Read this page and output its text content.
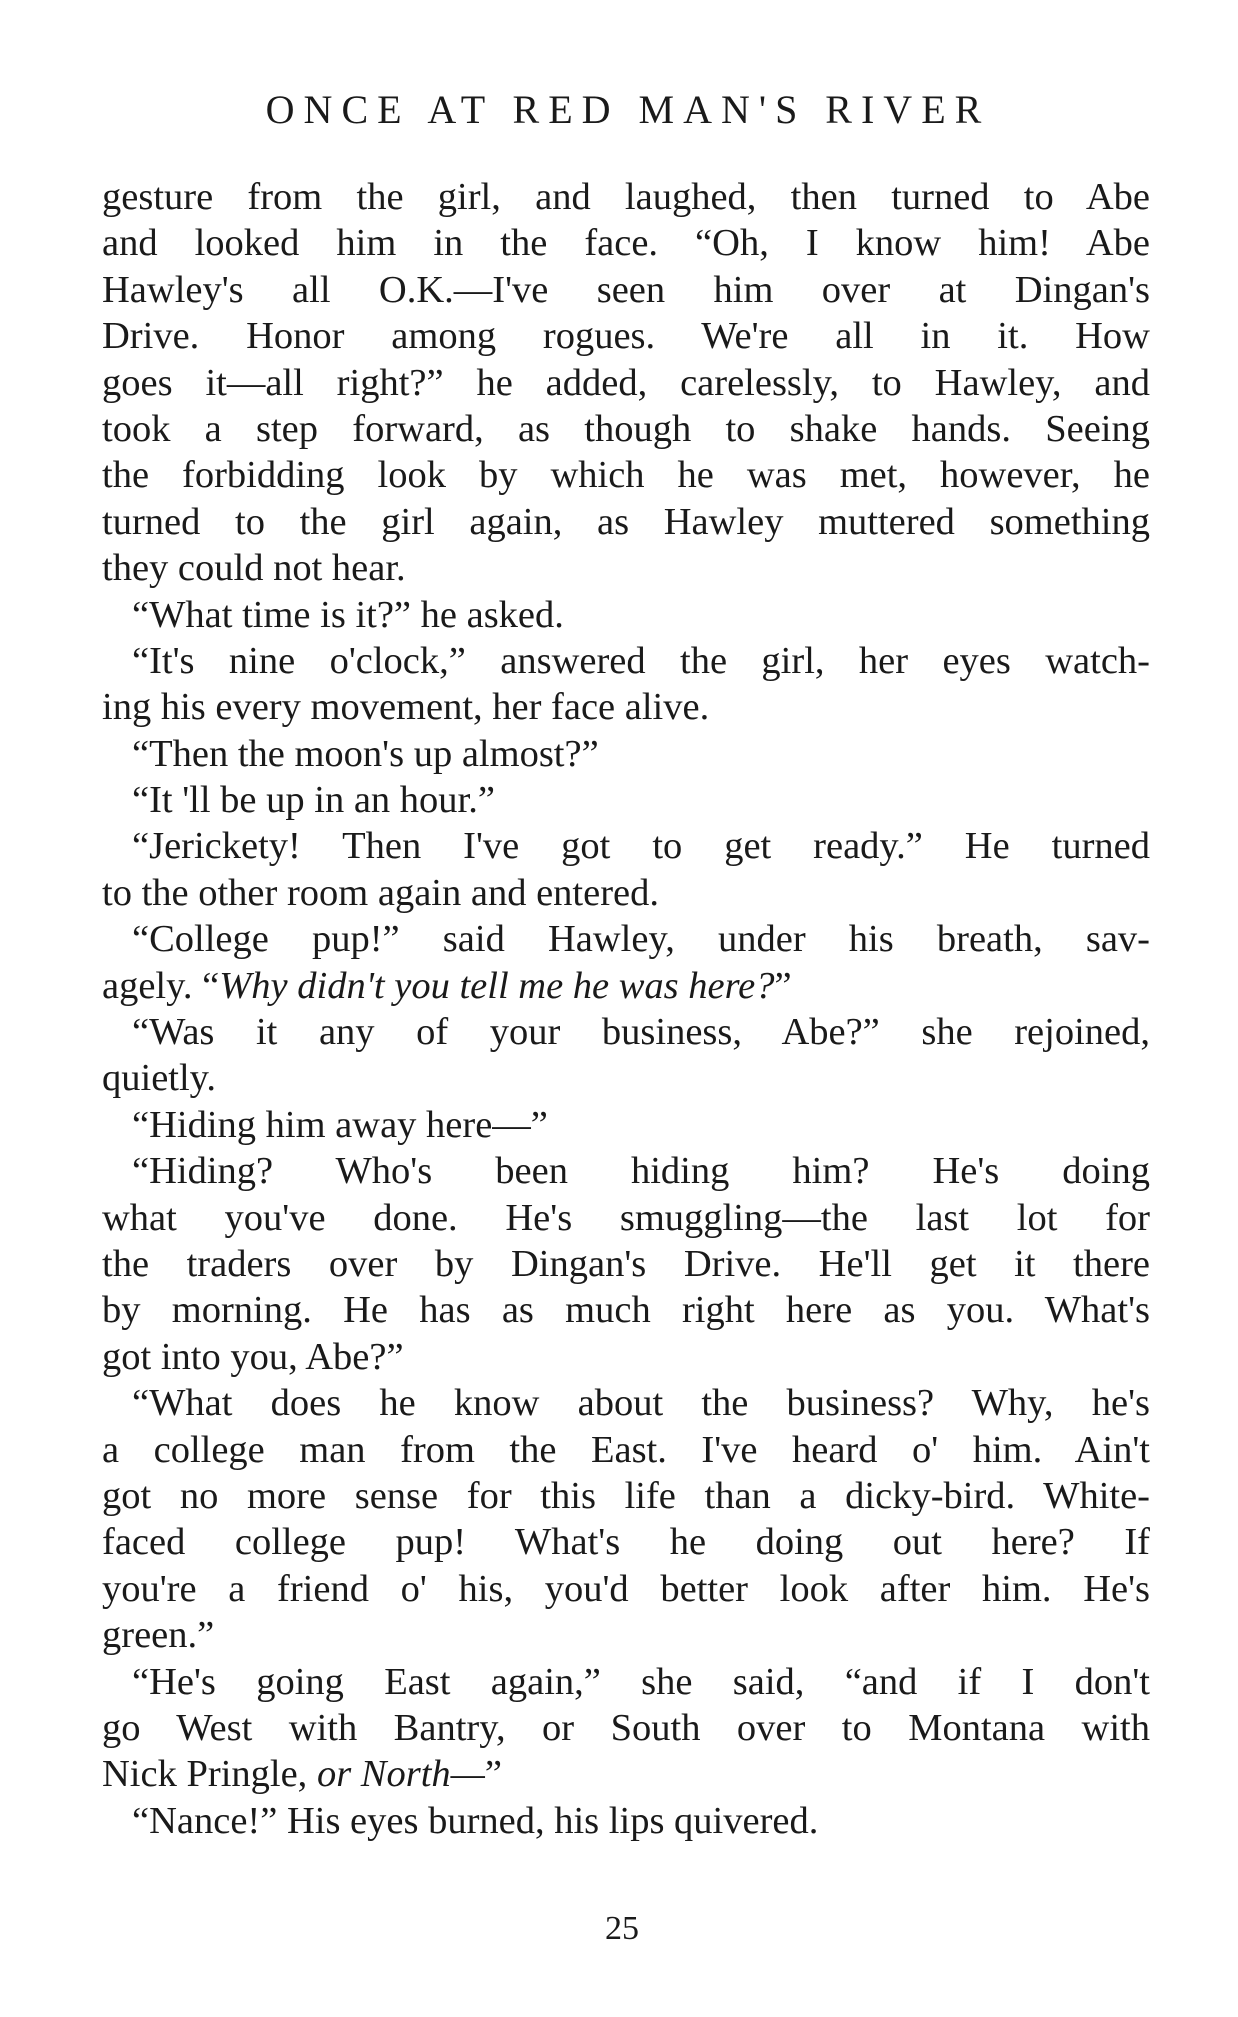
ONCE AT RED MAN'S RIVER
gesture from the girl, and laughed, then turned to Abe
and looked him in the face. “Oh, I know him! Abe
Hawley's all O.K.—I've seen him over at Dingan's
Drive. Honor among rogues. We're all in it. How
goes it—all right?” he added, carelessly, to Hawley, and
took a step forward, as though to shake hands. Seeing
the forbidding look by which he was met, however, he
turned to the girl again, as Hawley muttered something
they could not hear.
“What time is it?” he asked.
“It's nine o'clock,” answered the girl, her eyes watch-
ing his every movement, her face alive.
“Then the moon's up almost?”
“It 'll be up in an hour.”
“Jerickety! Then I've got to get ready.” He turned
to the other room again and entered.
“College pup!” said Hawley, under his breath, sav-
agely. “Why didn't you tell me he was here?”
“Was it any of your business, Abe?” she rejoined,
quietly.
“Hiding him away here—”
“Hiding? Who's been hiding him? He's doing
what you've done. He's smuggling—the last lot for
the traders over by Dingan's Drive. He'll get it there
by morning. He has as much right here as you. What's
got into you, Abe?”
“What does he know about the business? Why, he's
a college man from the East. I've heard o' him. Ain't
got no more sense for this life than a dicky-bird. White-
faced college pup! What's he doing out here? If
you're a friend o' his, you'd better look after him. He's
green.”
“He's going East again,” she said, “and if I don't
go West with Bantry, or South over to Montana with
Nick Pringle, or North—”
“Nance!” His eyes burned, his lips quivered.
25
